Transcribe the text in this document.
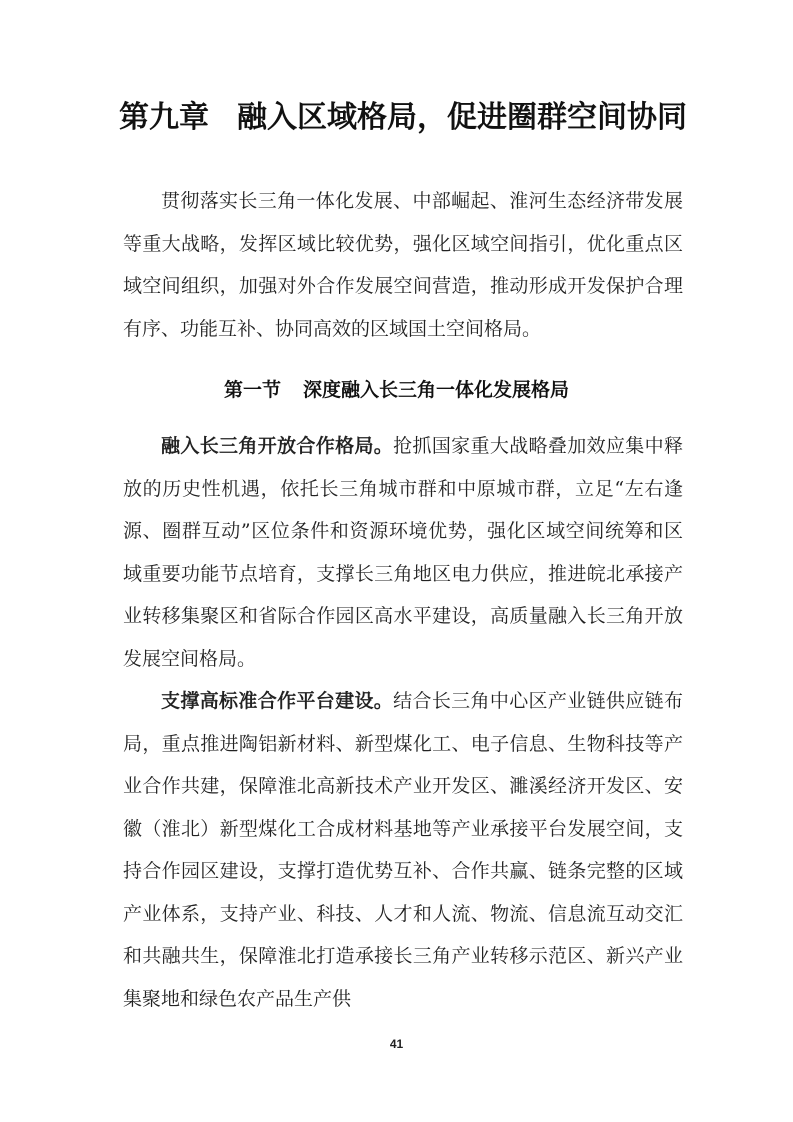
第九章 融入区域格局，促进圈群空间协同

贯彻落实长三角一体化发展、中部崛起、淮河生态经济带发展等重大战略，发挥区域比较优势，强化区域空间指引，优化重点区域空间组织，加强对外合作发展空间营造，推动形成开发保护合理有序、功能互补、协同高效的区域国土空间格局。

第一节 深度融入长三角一体化发展格局

融入长三角开放合作格局。抢抓国家重大战略叠加效应集中释放的历史性机遇，依托长三角城市群和中原城市群，立足“左右逢源、圈群互动”区位条件和资源环境优势，强化区域空间统筹和区域重要功能节点培育，支撑长三角地区电力供应，推进皖北承接产业转移集聚区和省际合作园区高水平建设，高质量融入长三角开放发展空间格局。

支撑高标准合作平台建设。结合长三角中心区产业链供应链布局，重点推进陶铝新材料、新型煤化工、电子信息、生物科技等产业合作共建，保障淮北高新技术产业开发区、濉溪经济开发区、安徽（淮北）新型煤化工合成材料基地等产业承接平台发展空间，支持合作园区建设，支撑打造优势互补、合作共赢、链条完整的区域产业体系，支持产业、科技、人才和人流、物流、信息流互动交汇和共融共生，保障淮北打造承接长三角产业转移示范区、新兴产业集聚地和绿色农产品生产供

41
